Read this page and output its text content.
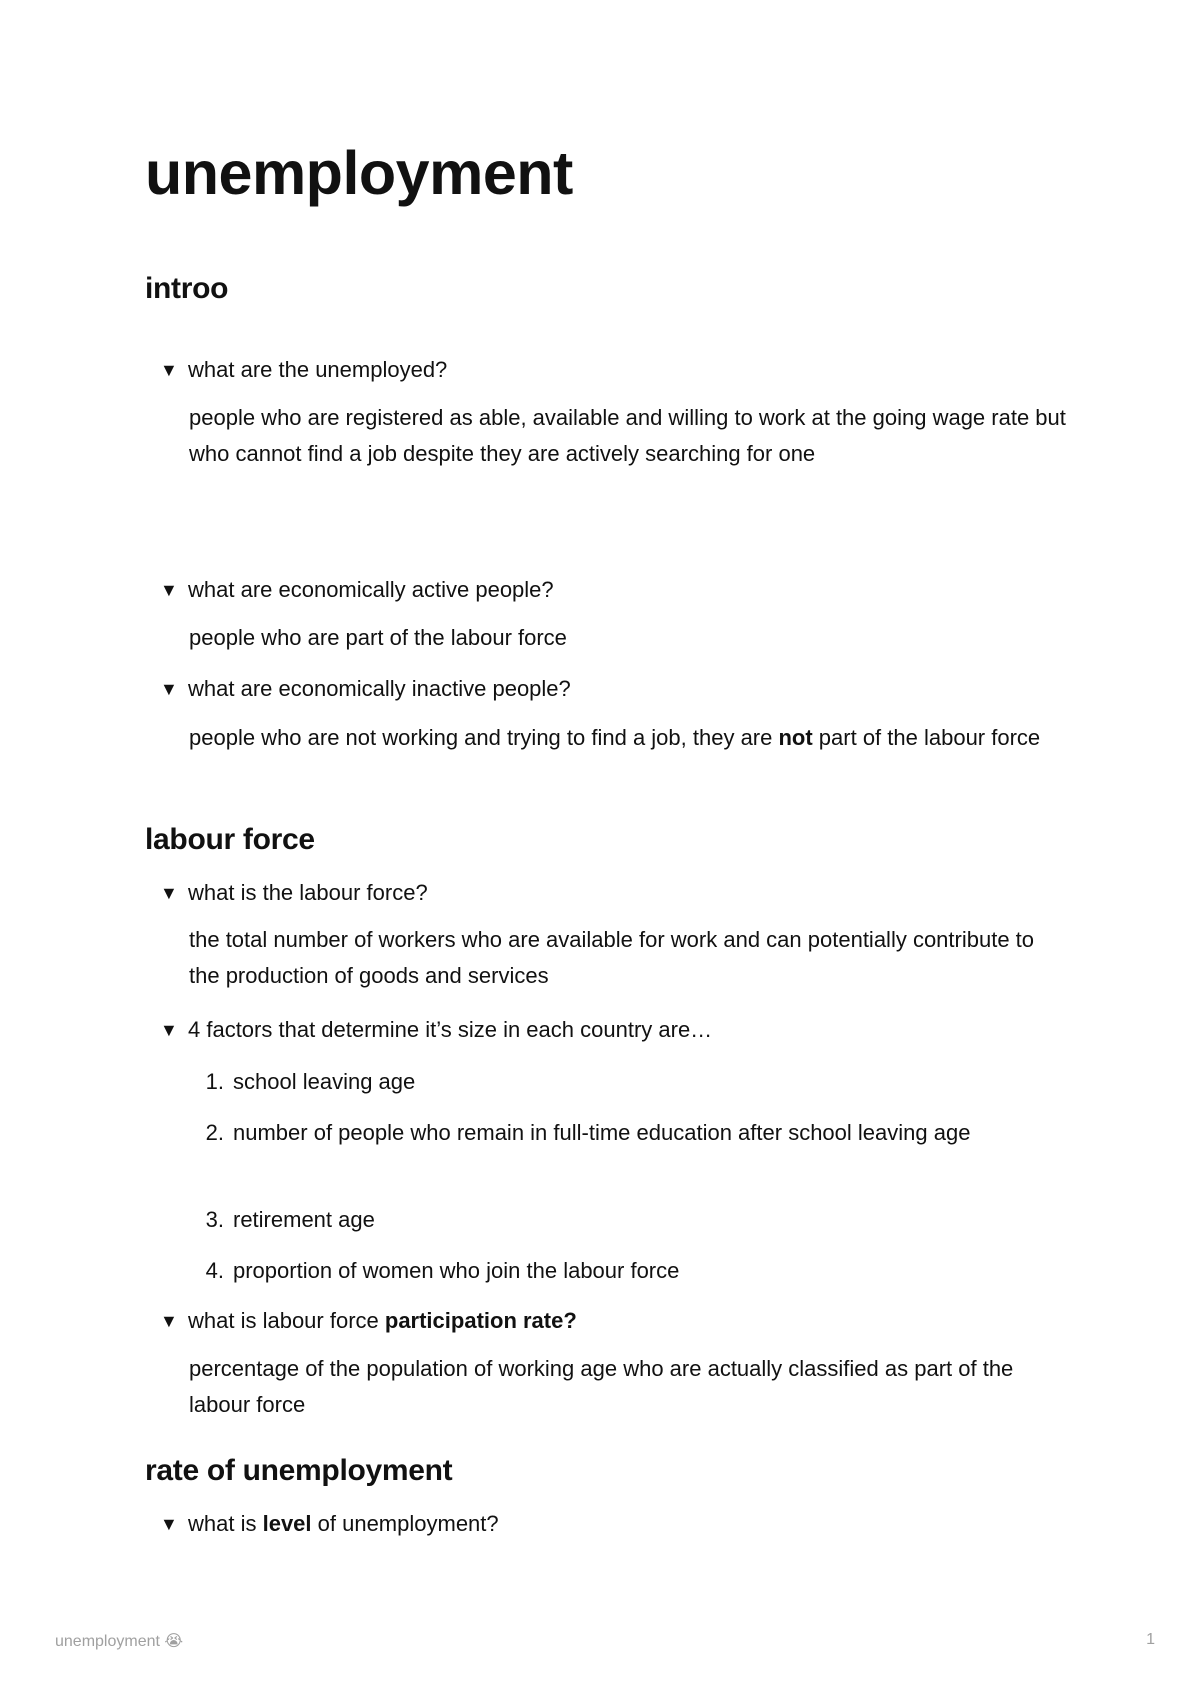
unemployment
introo
▼ what are the unemployed?
people who are registered as able, available and willing to work at the going wage rate but who cannot find a job despite they are actively searching for one
▼ what are economically active people?
people who are part of the labour force
▼ what are economically inactive people?
people who are not working and trying to find a job, they are not part of the labour force
labour force
▼ what is the labour force?
the total number of workers who are available for work and can potentially contribute to the production of goods and services
▼ 4 factors that determine it’s size in each country are…
1. school leaving age
2. number of people who remain in full-time education after school leaving age
3. retirement age
4. proportion of women who join the labour force
▼ what is labour force participation rate?
percentage of the population of working age who are actually classified as part of the labour force
rate of unemployment
▼ what is level of unemployment?
unemployment 😭	1
